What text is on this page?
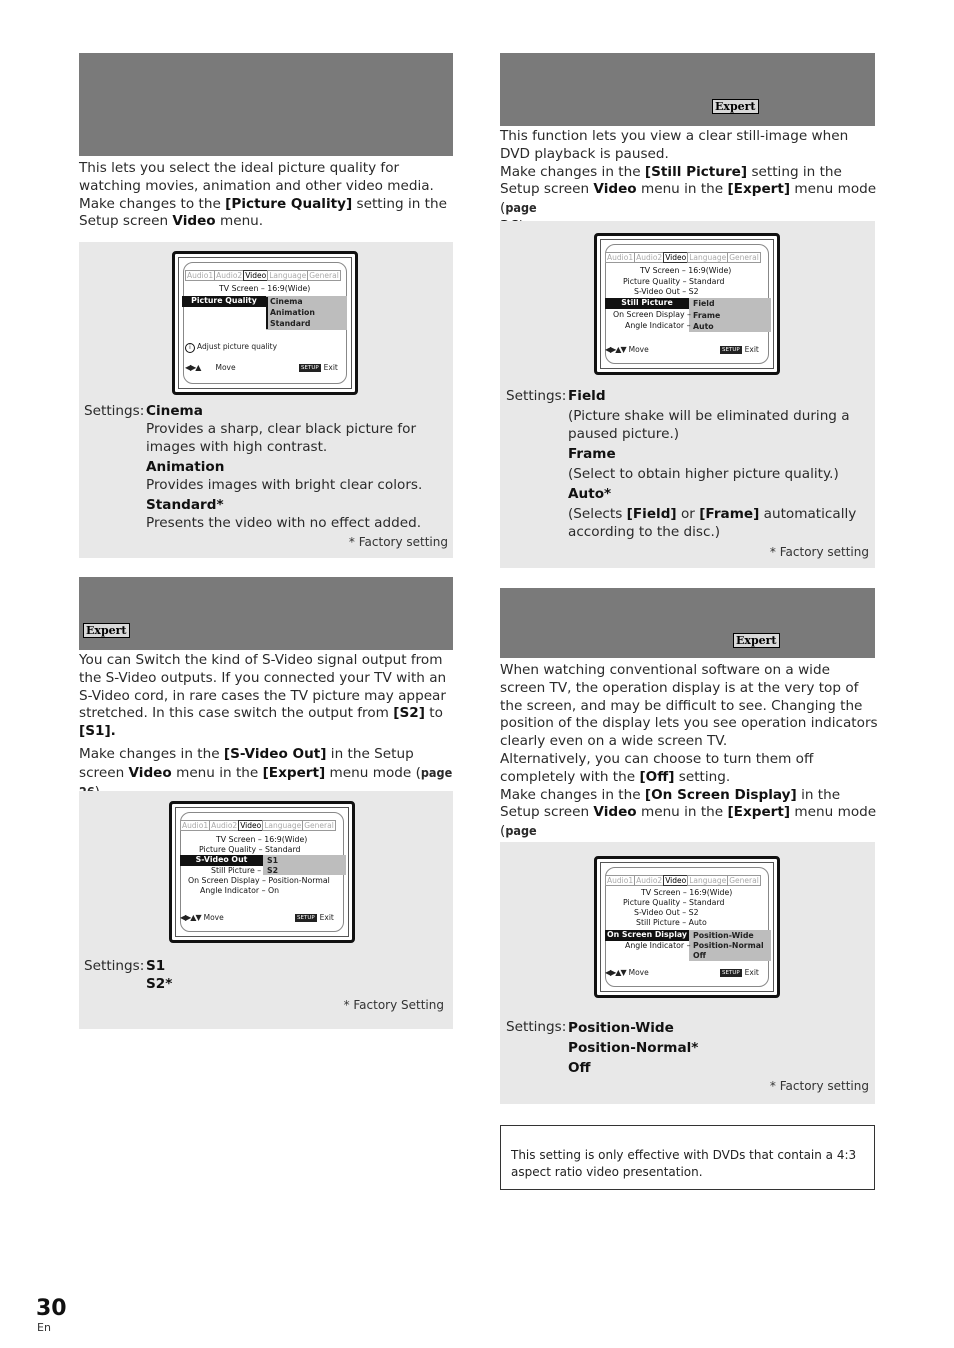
This lets you select the ideal picture quality for watching movies, animation and other video media.
Make changes to the [Picture Quality] setting in the Setup screen Video menu.
Audio1 Audio2 Video Language General
TV Screen – 16:9(Wide)
Picture Quality	Cinema
Animation
Standard
i Adjust picture quality
◀▶▲ Move	SETUP Exit
Settings: Cinema
Provides a sharp, clear black picture for images with high contrast.
Animation
Provides images with bright clear colors.
Standard*
Presents the video with no effect added.
* Factory setting
Expert
You can Switch the kind of S-Video signal output from the S-Video outputs. If you connected your TV with an S-Video cord, in rare cases the TV picture may appear stretched. In this case switch the output from [S2] to [S1].
Make changes in the [S-Video Out] in the Setup screen Video menu in the [Expert] menu mode (page
Audio1 Audio2 Video Language General
TV Screen – 16:9(Wide)
Picture Quality – Standard
S-Video Out
Still Picture –
On Screen Display – Position-Normal
Angle Indicator – On
S1
S2
◀▶▲▼ Move	SETUP Exit
Settings: S1
S2*
* Factory Setting
Expert
This function lets you view a clear still-image when DVD playback is paused.
Make changes in the [Still Picture] setting in the Setup screen Video menu in the [Expert] menu mode (page

Audio1 Audio2 Video Language General
TV Screen – 16:9(Wide)
Picture Quality – Standard
S-Video Out – S2
Still Picture
On Screen Display –
Angle Indicator –
Field
Frame
Auto
◀▶▲▼ Move	SETUP Exit
Settings: Field
(Picture shake will be eliminated during a paused picture.)
Frame
(Select to obtain higher picture quality.)
Auto*
(Selects [Field] or [Frame] automatically according to the disc.)
* Factory setting
Expert
When watching conventional software on a wide screen TV, the operation display is at the very top of the screen, and may be difficult to see. Changing the position of the display lets you see operation indicators clearly even on a wide screen TV.
Alternatively, you can choose to turn them off completely with the [Off] setting.
Make changes in the [On Screen Display] in the Setup screen Video menu in the [Expert] menu mode (page

Audio1 Audio2 Video Language General
TV Screen – 16:9(Wide)
Picture Quality – Standard
S-Video Out – S2
Still Picture – Auto
On Screen Display
Angle Indicator –
Position-Wide
Position-Normal
Off
◀▶▲▼ Move	SETUP Exit
Settings: Position-Wide
Position-Normal*
Off
* Factory setting
This setting is only effective with DVDs that contain a 4:3 aspect ratio video presentation.
30
En
